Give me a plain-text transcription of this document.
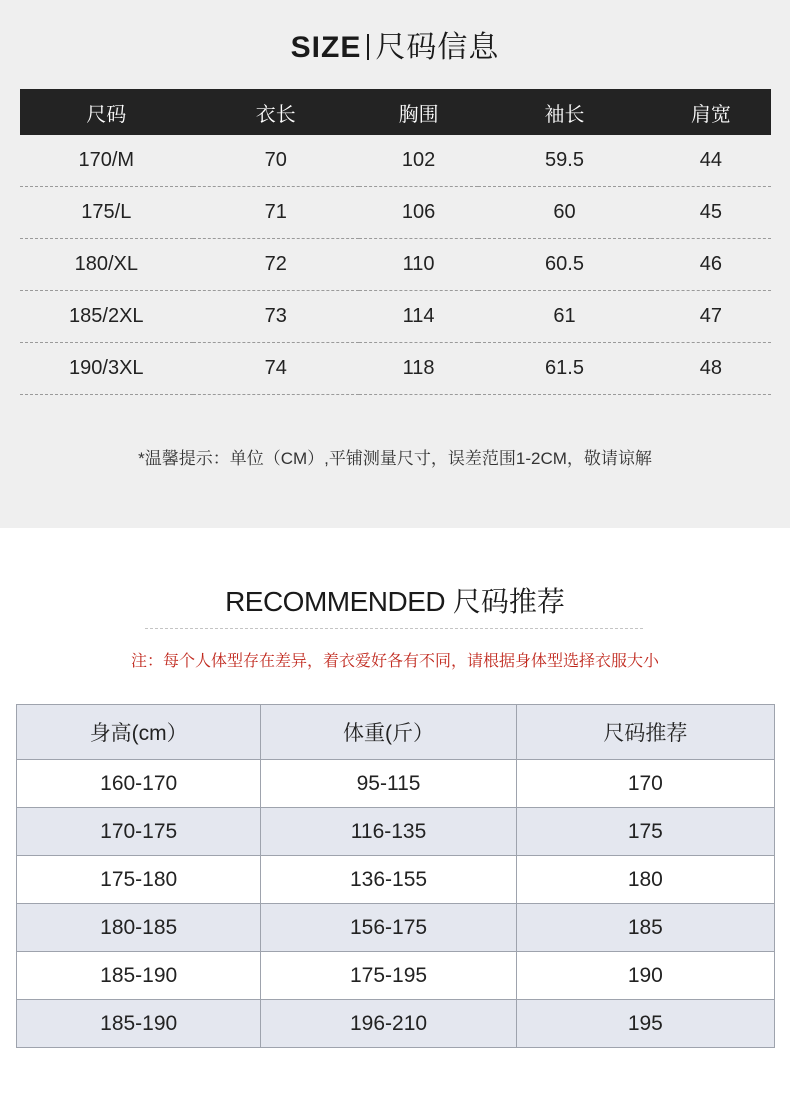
SIZE 尺码信息
尺码	衣长	胸围	袖长	肩宽
170/M	70	102	59.5	44
175/L	71	106	60	45
180/XL	72	110	60.5	46
185/2XL	73	114	61	47
190/3XL	74	118	61.5	48
*温馨提示：单位（CM）,平铺测量尺寸，误差范围1-2CM，敬请谅解
RECOMMENDED 尺码推荐
注：每个人体型存在差异，着衣爱好各有不同，请根据身体型选择衣服大小
身高(cm）	体重(斤）	尺码推荐
160-170	95-115	170
170-175	116-135	175
175-180	136-155	180
180-185	156-175	185
185-190	175-195	190
185-190	196-210	195
